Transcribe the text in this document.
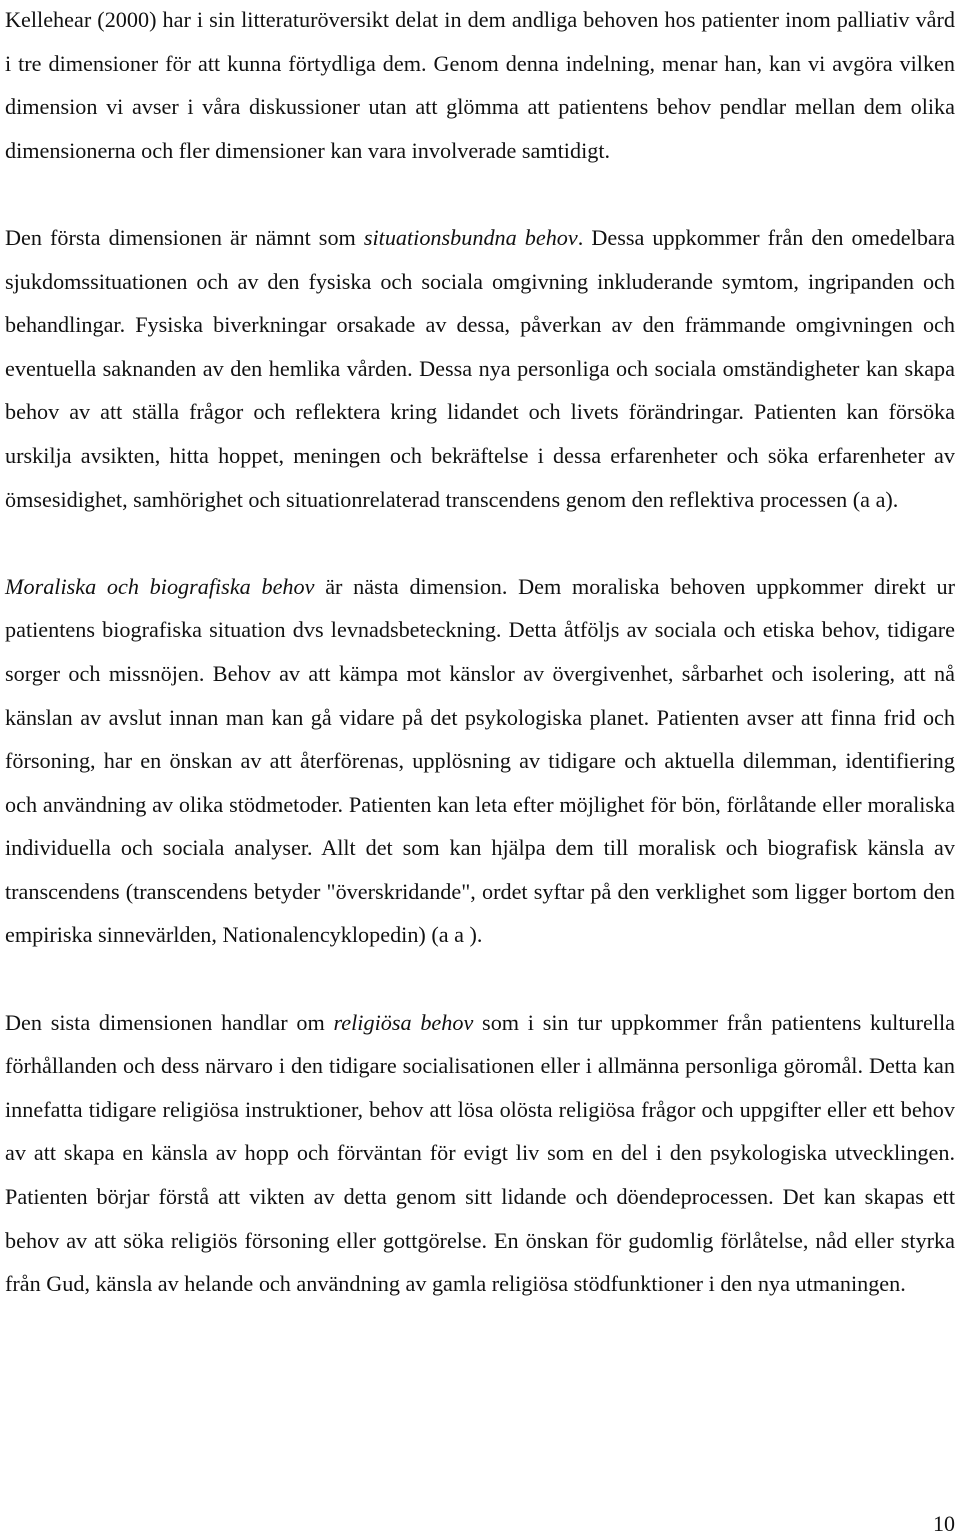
Kellehear (2000) har i sin litteraturöversikt delat in dem andliga behoven hos patienter inom palliativ vård i tre dimensioner för att kunna förtydliga dem. Genom denna indelning, menar han, kan vi avgöra vilken dimension vi avser i våra diskussioner utan att glömma att patientens behov pendlar mellan dem olika dimensionerna och fler dimensioner kan vara involverade samtidigt.

Den första dimensionen är nämnt som situationsbundna behov. Dessa uppkommer från den omedelbara sjukdomssituationen och av den fysiska och sociala omgivning inkluderande symtom, ingripanden och behandlingar. Fysiska biverkningar orsakade av dessa, påverkan av den främmande omgivningen och eventuella saknanden av den hemlika vården. Dessa nya personliga och sociala omständigheter kan skapa behov av att ställa frågor och reflektera kring lidandet och livets förändringar. Patienten kan försöka urskilja avsikten, hitta hoppet, meningen och bekräftelse i dessa erfarenheter och söka erfarenheter av ömsesidighet, samhörighet och situationrelaterad transcendens genom den reflektiva processen (a a).

Moraliska och biografiska behov är nästa dimension. Dem moraliska behoven uppkommer direkt ur patientens biografiska situation dvs levnadsbeteckning. Detta åtföljs av sociala och etiska behov, tidigare sorger och missnöjen. Behov av att kämpa mot känslor av övergivenhet, sårbarhet och isolering, att nå känslan av avslut innan man kan gå vidare på det psykologiska planet. Patienten avser att finna frid och försoning, har en önskan av att återförenas, upplösning av tidigare och aktuella dilemman, identifiering och användning av olika stödmetoder. Patienten kan leta efter möjlighet för bön, förlåtande eller moraliska individuella och sociala analyser. Allt det som kan hjälpa dem till moralisk och biografisk känsla av transcendens (transcendens betyder "överskridande", ordet syftar på den verklighet som ligger bortom den empiriska sinnevärlden, Nationalencyklopedin) (a a ).

Den sista dimensionen handlar om religiösa behov som i sin tur uppkommer från patientens kulturella förhållanden och dess närvaro i den tidigare socialisationen eller i allmänna personliga göromål. Detta kan innefatta tidigare religiösa instruktioner, behov att lösa olösta religiösa frågor och uppgifter eller ett behov av att skapa en känsla av hopp och förväntan för evigt liv som en del i den psykologiska utvecklingen. Patienten börjar förstå att vikten av detta genom sitt lidande och döendeprocessen. Det kan skapas ett behov av att söka religiös försoning eller gottgörelse. En önskan för gudomlig förlåtelse, nåd eller styrka från Gud, känsla av helande och användning av gamla religiösa stödfunktioner i den nya utmaningen.

10
